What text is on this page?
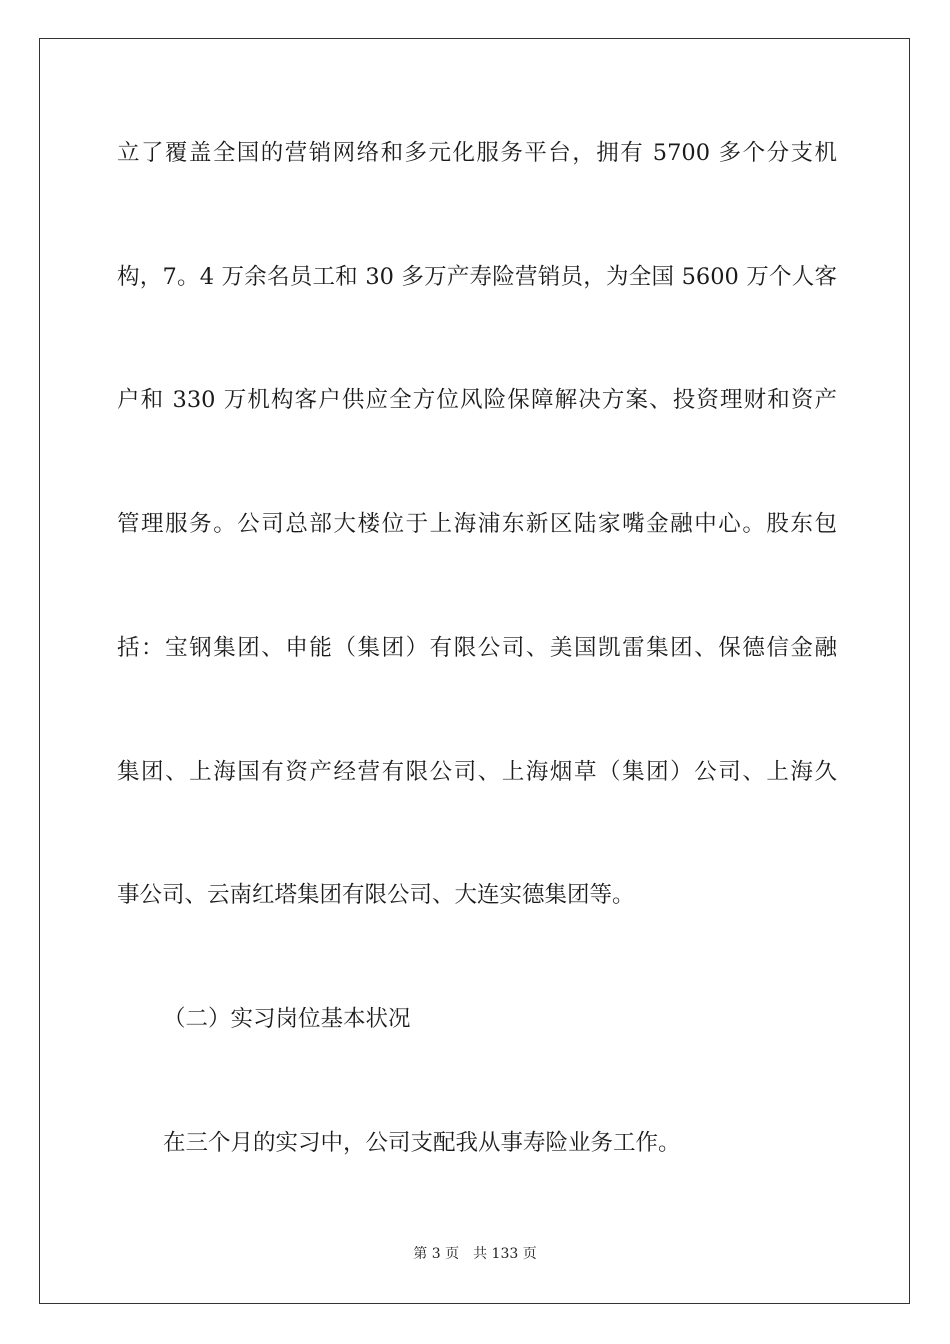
立了覆盖全国的营销网络和多元化服务平台，拥有 5700 多个分支机
构，7。4 万余名员工和 30 多万产寿险营销员，为全国 5600 万个人客
户和 330 万机构客户供应全方位风险保障解决方案、投资理财和资产
管理服务。公司总部大楼位于上海浦东新区陆家嘴金融中心。股东包
括：宝钢集团、申能（集团）有限公司、美国凯雷集团、保德信金融
集团、上海国有资产经营有限公司、上海烟草（集团）公司、上海久
事公司、云南红塔集团有限公司、大连实德集团等。
（二）实习岗位基本状况
在三个月的实习中，公司支配我从事寿险业务工作。
第 3 页 共 133 页
